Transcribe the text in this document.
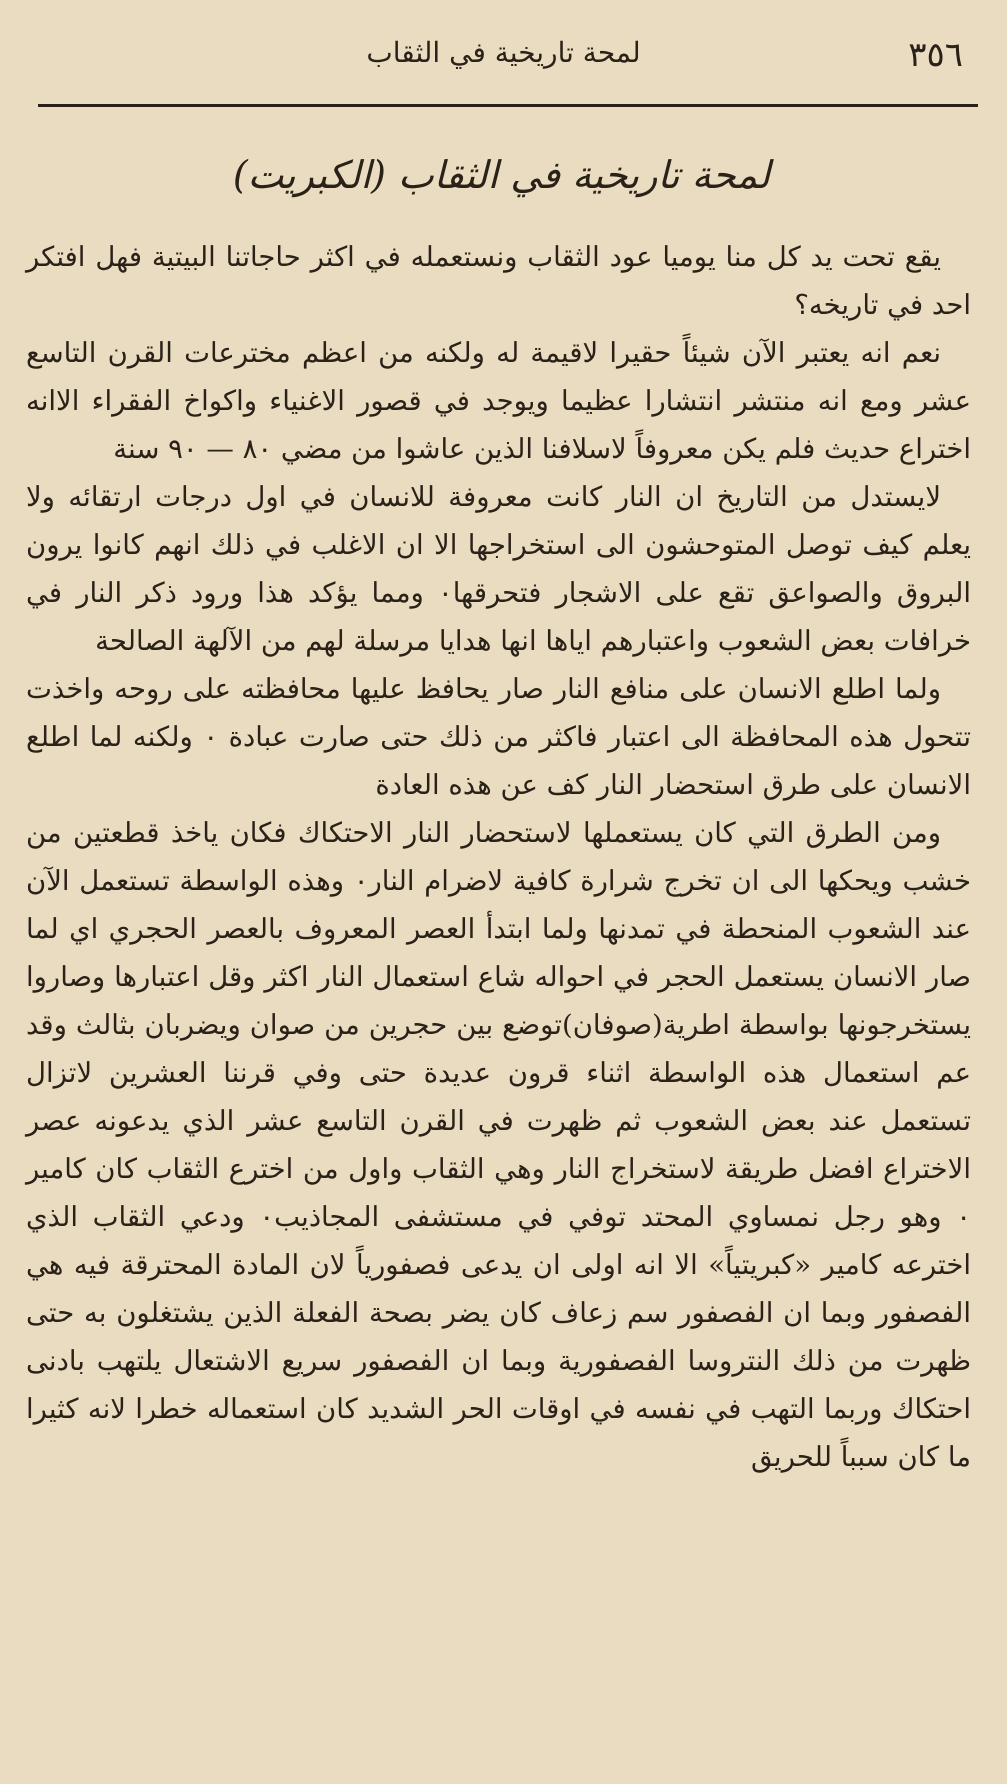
٣٥٦
لمحة تاريخية في الثقاب
لمحة تاريخية في الثقاب (الكبريت)

يقع تحت يد كل منا يوميا عود الثقاب ونستعمله في اكثر حاجاتنا البيتية فهل افتكر احد في تاريخه؟

نعم انه يعتبر الآن شيئاً حقيرا لاقيمة له ولكنه من اعظم مخترعات القرن التاسع عشر ومع انه منتشر انتشارا عظيما ويوجد في قصور الاغنياء واكواخ الفقراء الاانه اختراع حديث فلم يكن معروفاً لاسلافنا الذين عاشوا من مضي ٨٠ — ٩٠ سنة

لايستدل من التاريخ ان النار كانت معروفة للانسان في اول درجات ارتقائه ولا يعلم كيف توصل المتوحشون الى استخراجها الا ان الاغلب في ذلك انهم كانوا يرون البروق والصواعق تقع على الاشجار فتحرقها٠ ومما يؤكد هذا ورود ذكر النار في خرافات بعض الشعوب واعتبارهم اياها انها هدايا مرسلة لهم من الآلهة الصالحة

ولما اطلع الانسان على منافع النار صار يحافظ عليها محافظته على روحه واخذت تتحول هذه المحافظة الى اعتبار فاكثر من ذلك حتى صارت عبادة ٠ ولكنه لما اطلع الانسان على طرق استحضار النار كف عن هذه العادة

ومن الطرق التي كان يستعملها لاستحضار النار الاحتكاك فكان ياخذ قطعتين من خشب ويحكها الى ان تخرج شرارة كافية لاضرام النار٠ وهذه الواسطة تستعمل الآن عند الشعوب المنحطة في تمدنها ولما ابتدأ العصر المعروف بالعصر الحجري اي لما صار الانسان يستعمل الحجر في احواله شاع استعمال النار اكثر وقل اعتبارها وصاروا يستخرجونها بواسطة اطرية(صوفان)توضع بين حجرين من صوان ويضربان بثالث وقد عم استعمال هذه الواسطة اثناء قرون عديدة حتى وفي قرننا العشرين لاتزال تستعمل عند بعض الشعوب ثم ظهرت في القرن التاسع عشر الذي يدعونه عصر الاختراع افضل طريقة لاستخراج النار وهي الثقاب واول من اخترع الثقاب كان كامير ٠ وهو رجل نمساوي المحتد توفي في مستشفى المجاذيب٠ ودعي الثقاب الذي اخترعه كامير «كبريتياً» الا انه اولى ان يدعى فصفورياً لان المادة المحترقة فيه هي الفصفور وبما ان الفصفور سم زعاف كان يضر بصحة الفعلة الذين يشتغلون به حتى ظهرت من ذلك النتروسا الفصفورية وبما ان الفصفور سريع الاشتعال يلتهب بادنى احتكاك وربما التهب في نفسه في اوقات الحر الشديد كان استعماله خطرا لانه كثيرا ما كان سبباً للحريق
